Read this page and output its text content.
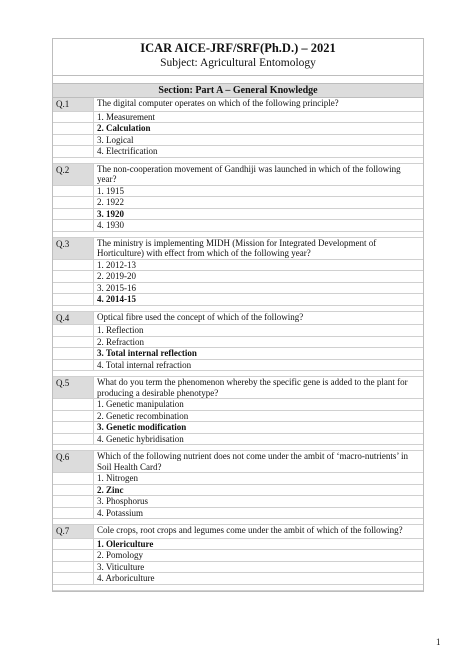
ICAR AICE-JRF/SRF(Ph.D.) – 2021
Subject: Agricultural Entomology
Section: Part A – General Knowledge
Q.1	The digital computer operates on which of the following principle?
1. Measurement
2. Calculation
3. Logical
4. Electrification
Q.2	The non-cooperation movement of Gandhiji was launched in which of the following year?
1. 1915
2. 1922
3. 1920
4. 1930
Q.3	The ministry is implementing MIDH (Mission for Integrated Development of Horticulture) with effect from which of the following year?
1. 2012-13
2. 2019-20
3. 2015-16
4. 2014-15
Q.4	Optical fibre used the concept of which of the following?
1. Reflection
2. Refraction
3. Total internal reflection
4. Total internal refraction
Q.5	What do you term the phenomenon whereby the specific gene is added to the plant for producing a desirable phenotype?
1. Genetic manipulation
2. Genetic recombination
3. Genetic modification
4. Genetic hybridisation
Q.6	Which of the following nutrient does not come under the ambit of ‘macro-nutrients’ in Soil Health Card?
1. Nitrogen
2. Zinc
3. Phosphorus
4. Potassium
Q.7	Cole crops, root crops and legumes come under the ambit of which of the following?
1. Olericulture
2. Pomology
3. Viticulture
4. Arboriculture
1
